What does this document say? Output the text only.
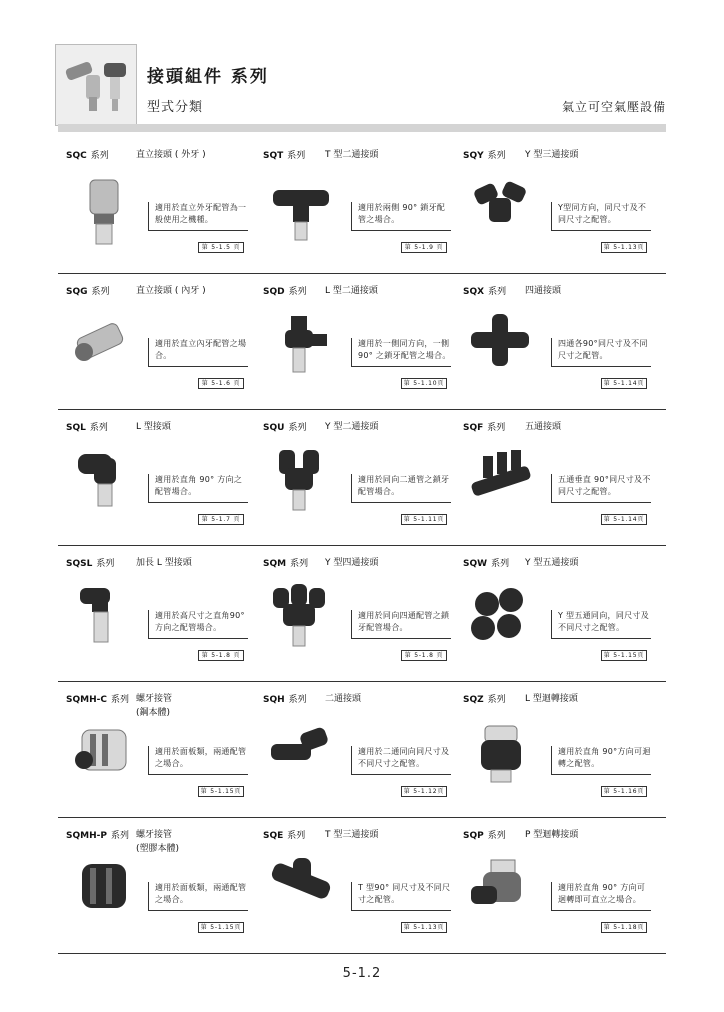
接頭組件 系列
型式分類	氣立可空氣壓設備
SQC 系列	直立接頭 ( 外牙 )
適用於直立外牙配管為一般使用之機種。
第 5-1.5 頁
SQT 系列 T 型二通接頭
適用於兩側 90° 鎖牙配管之場合。
第 5-1.9 頁
SQY 系列 Y 型三通接頭
Y型同方向，同尺寸及不同尺寸之配管。
第 5-1.13頁
SQG 系列	直立接頭 ( 內牙 )
適用於直立內牙配管之場合。
第 5-1.6 頁
SQD 系列 L 型二通接頭
適用於一側同方向，一側 90° 之鎖牙配管之場合。
第 5-1.10頁
SQX 系列 四通接頭
四通各90°同尺寸及不同尺寸之配管。
第 5-1.14頁
SQL 系列	L 型接頭
適用於直角 90° 方向之配管場合。
第 5-1.7 頁
SQU 系列 Y 型二通接頭
適用於同向二通管之鎖牙配管場合。
第 5-1.11頁
SQF 系列 五通接頭
五通垂直 90°同尺寸及不同尺寸之配管。
第 5-1.14頁
SQSL 系列 加長 L 型接頭
適用於高尺寸之直角90°方向之配管場合。
第 5-1.8 頁
SQM 系列 Y 型四通接頭
適用於同向四通配管之鎖牙配管場合。
第 5-1.8 頁
SQW 系列 Y 型五通接頭
Y 型五通同向，同尺寸及不同尺寸之配管。
第 5-1.15頁
SQMH-C 系列 螺牙接管
(鋼本體)
適用於面板類，兩通配管之場合。
第 5-1.15頁
SQH 系列 二通接頭
適用於二通同向同尺寸及不同尺寸之配管。
第 5-1.12頁
SQZ 系列 L 型迴轉接頭
適用於直角 90°方向可迴轉之配管。
第 5-1.16頁
SQMH-P 系列 螺牙接管
(塑膠本體)
適用於面板類，兩通配管之場合。
第 5-1.15頁
SQE 系列 T 型三通接頭
T 型90° 同尺寸及不同尺寸之配管。
第 5-1.13頁
SQP 系列 P 型迴轉接頭
適用於直角 90° 方向可迴轉即可直立之場合。
第 5-1.18頁
5-1.2
